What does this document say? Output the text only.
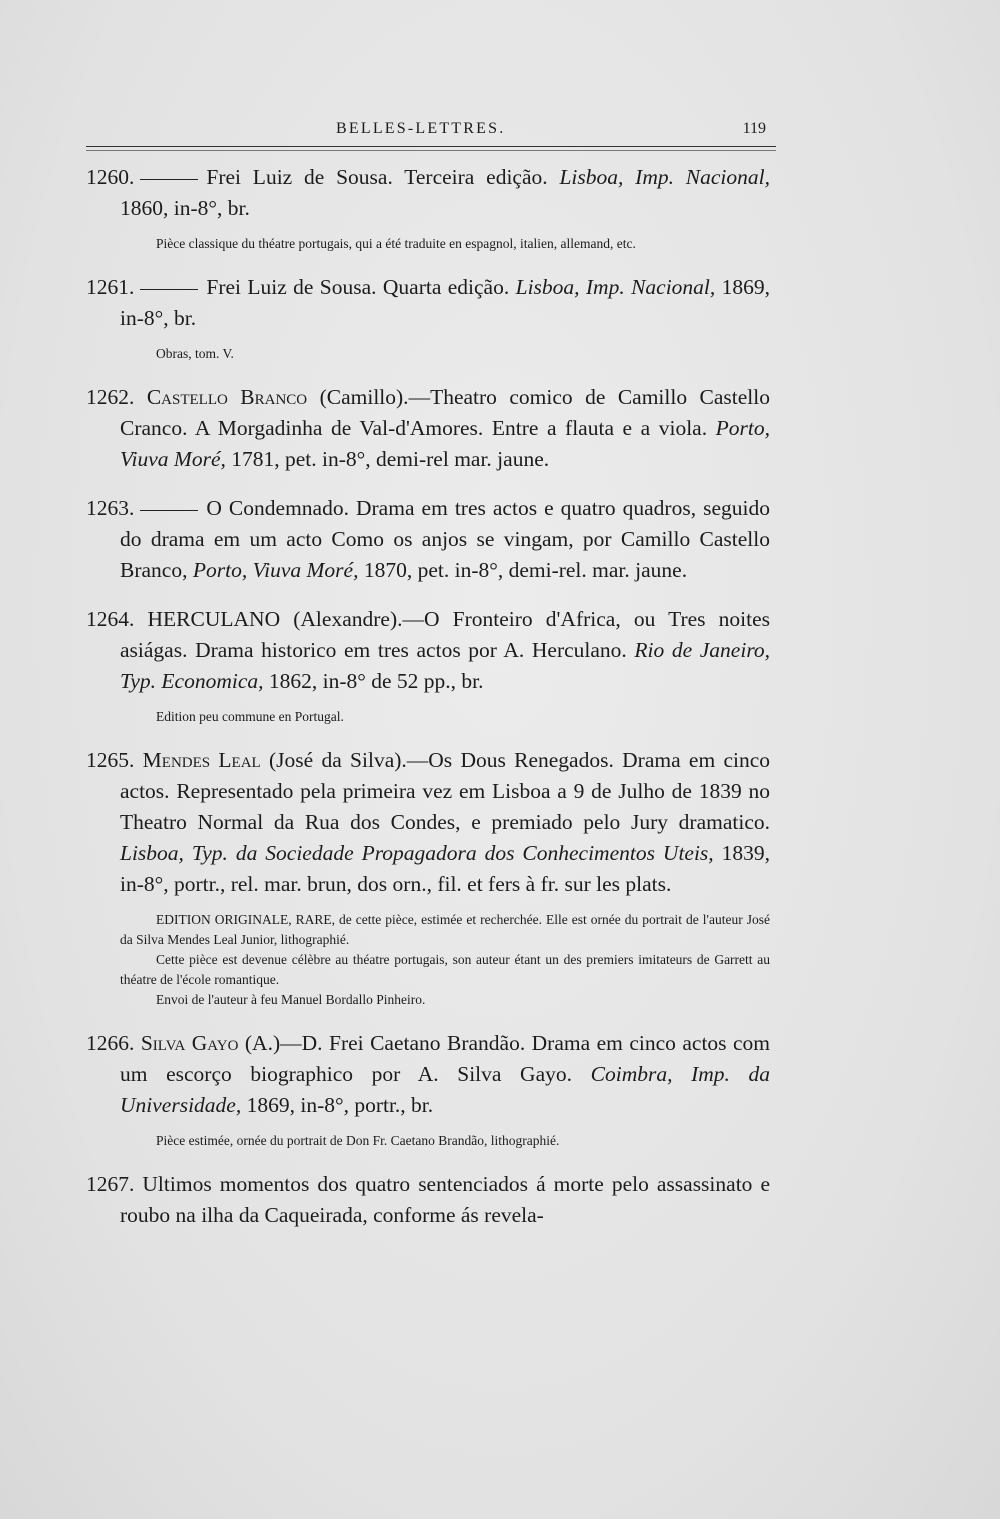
BELLES-LETTRES.	119

1260.	Frei Luiz de Sousa. Terceira edição. Lisboa, Imp. Nacional, 1860, in-8°, br.

Pièce classique du théatre portugais, qui a été traduite en espagnol, italien, allemand, etc.

1261.	Frei Luiz de Sousa. Quarta edição. Lisboa, Imp. Nacional, 1869, in-8°, br.

Obras, tom. V.

1262. Castello Branco (Camillo).—Theatro comico de Camillo Castello Cranco. A Morgadinha de Val-d'Amores. Entre a flauta e a viola. Porto, Viuva Moré, 1781, pet. in-8°, demi-rel mar. jaune.

1263.	O Condemnado. Drama em tres actos e quatro quadros, seguido do drama em um acto Como os anjos se vingam, por Camillo Castello Branco, Porto, Viuva Moré, 1870, pet. in-8°, demi-rel. mar. jaune.

1264. HERCULANO (Alexandre).—O Fronteiro d'Africa, ou Tres noites asiágas. Drama historico em tres actos por A. Herculano. Rio de Janeiro, Typ. Economica, 1862, in-8° de 52 pp., br.

Edition peu commune en Portugal.

1265. Mendes Leal (José da Silva).—Os Dous Renegados. Drama em cinco actos. Representado pela primeira vez em Lisboa a 9 de Julho de 1839 no Theatro Normal da Rua dos Condes, e premiado pelo Jury dramatico. Lisboa, Typ. da Sociedade Propagadora dos Conhecimentos Uteis, 1839, in-8°, portr., rel. mar. brun, dos orn., fil. et fers à fr. sur les plats.

EDITION ORIGINALE, RARE, de cette pièce, estimée et recherchée. Elle est ornée du portrait de l'auteur José da Silva Mendes Leal Junior, lithographié.

Cette pièce est devenue célèbre au théatre portugais, son auteur étant un des premiers imitateurs de Garrett au théatre de l'école romantique.

Envoi de l'auteur à feu Manuel Bordallo Pinheiro.

1266. Silva Gayo (A.)—D. Frei Caetano Brandão. Drama em cinco actos com um escorço biographico por A. Silva Gayo. Coimbra, Imp. da Universidade, 1869, in-8°, portr., br.

Pièce estimée, ornée du portrait de Don Fr. Caetano Brandão, lithographié.

1267. Ultimos momentos dos quatro sentenciados á morte pelo assassinato e roubo na ilha da Caqueirada, conforme ás revela-
